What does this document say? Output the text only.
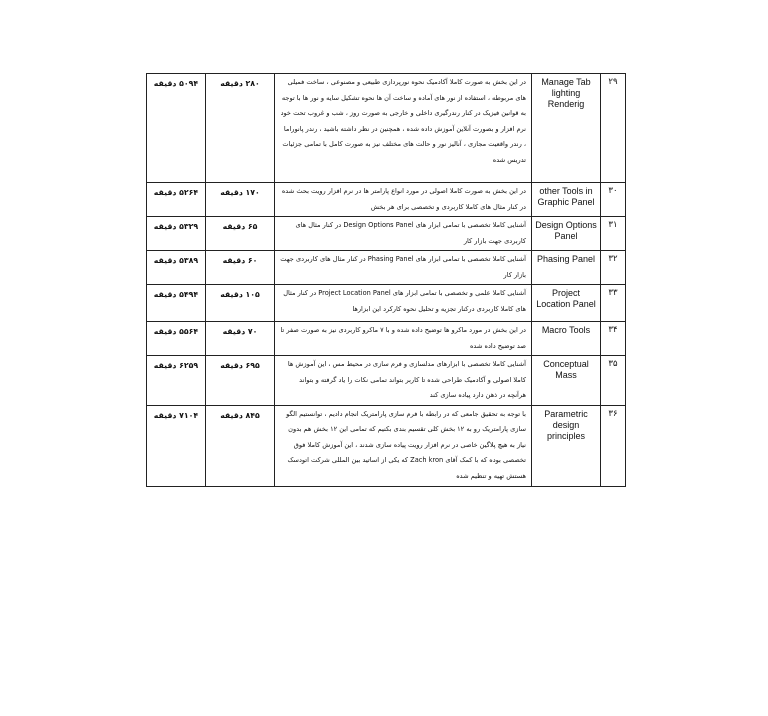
۲۹	Manage Tab lighting Renderig	در این بخش به صورت کاملا آکادمیک نحوه نورپردازی طبیعی و مصنوعی ، ساخت فمیلی های مربوطه ، استفاده از نور های آماده و ساخت آن ها نحوه تشکیل سایه و نور ها با توجه به قوانین فیزیک در کنار رندرگیری داخلی و خارجی به صورت روز ، شب و غروب تحت خود نرم افزار و بصورت آنلاین آموزش داده شده ، همچنین در نظر داشته باشید ، رندر پانوراما ، رندر واقعیت مجازی ، آنالیز نور و حالت های مختلف نیز به صورت کامل با تمامی جزئیات تدریس شده	۲۸۰ دقیقه	۵۰۹۴ دقیقه
۳۰	other Tools in Graphic Panel	در این بخش به صورت کاملا اصولی در مورد انواع پارامتر ها در نرم افزار رویت بحث شده در کنار مثال های کاملا کاربردی و تخصصی برای هر بخش	۱۷۰ دقیقه	۵۲۶۴ دقیقه
۳۱	Design Options Panel	آشنایی کاملا تخصصی با تمامی ابزار های Design Options Panel در کنار مثال های کاربردی جهت بازار کار	۶۵ دقیقه	۵۳۲۹ دقیقه
۳۲	Phasing Panel	آشنایی کاملا تخصصی با تمامی ابزار های Phasing Panel در کنار مثال های کاربردی جهت بازار کار	۶۰ دقیقه	۵۳۸۹ دقیقه
۳۳	Project Location Panel	آشنایی کاملا علمی و تخصصی با تمامی ابزار های Project Location Panel در کنار مثال های کاملا کاربردی درکنار تجزیه و تحلیل نحوه کارکرد این ابزارها	۱۰۵ دقیقه	۵۴۹۴ دقیقه
۳۴	Macro Tools	در این بخش در مورد ماکرو ها توضیح داده شده و با ۷ ماکرو کاربردی نیز به صورت صفر تا صد توضیح داده شده	۷۰ دقیقه	۵۵۶۴ دقیقه
۳۵	Conceptual Mass	آشنایی کاملا تخصصی با ابزارهای مدلسازی و فرم سازی در محیط مس ، این آموزش ها کاملا اصولی و آکادمیک طراحی شده تا کاربر بتواند تمامی نکات را یاد گرفته و بتواند هرآنچه در ذهن دارد پیاده سازی کند	۶۹۵ دقیقه	۶۲۵۹ دقیقه
۳۶	Parametric design principles	با توجه به تحقیق جامعی که در رابطه با فرم سازی پارامتریک انجام دادیم ، توانستیم الگو سازی پارامتریک رو به ۱۲ بخش کلی تقسیم بندی بکنیم که تمامی این ۱۲ بخش هم بدون نیاز به هیچ پلاگین خاصی در نرم افزار رویت پیاده سازی شدند ، این آموزش کاملا فوق تخصصی بوده که با کمک آقای Zach kron که یکی از اساتید بین المللی شرکت اتودسک هستش تهیه و تنظیم شده	۸۴۵ دقیقه	۷۱۰۴ دقیقه
